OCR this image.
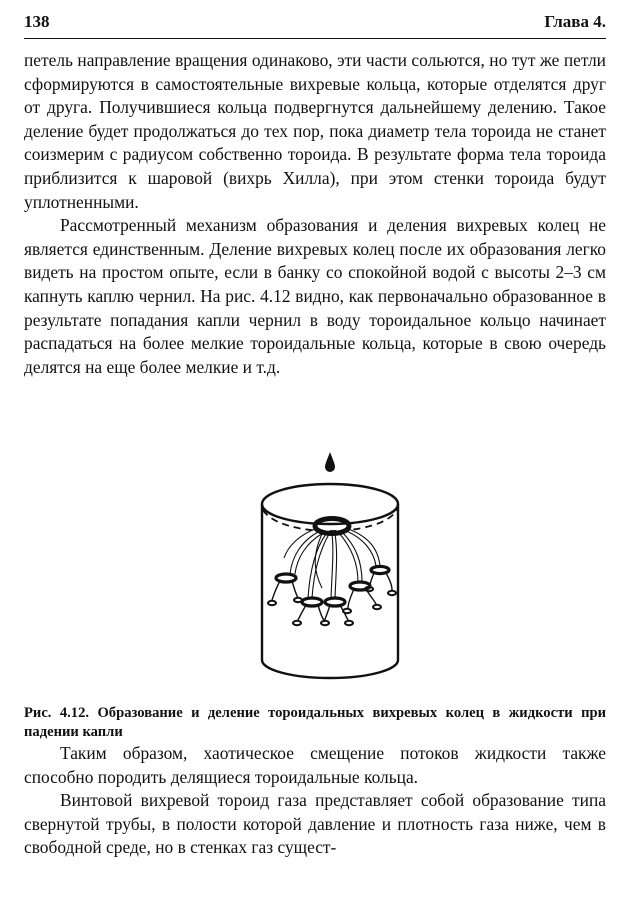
138	Глава 4.

петель направление вращения одинаково, эти части сольются, но тут же петли сформируются в самостоятельные вихревые кольца, которые отделятся друг от друга. Получившиеся кольца подвергнутся дальнейшему делению. Такое деление будет продолжаться до тех пор, пока диаметр тела тороида не станет соизмерим с радиусом собственно тороида. В результате форма тела тороида приблизится к шаровой (вихрь Хилла), при этом стенки тороида будут уплотненными.

Рассмотренный механизм образования и деления вихревых колец не является единственным. Деление вихревых колец после их образования легко видеть на простом опыте, если в банку со спокойной водой с высоты 2–3 см капнуть каплю чернил. На рис. 4.12 видно, как первоначально образованное в результате попадания капли чернил в воду тороидальное кольцо начинает распадаться на более мелкие тороидальные кольца, которые в свою очередь делятся на еще более мелкие и т.д.

Рис. 4.12. Образование и деление тороидальных вихревых колец в жидкости при падении капли

Таким образом, хаотическое смещение потоков жидкости также способно породить делящиеся тороидальные кольца.

Винтовой вихревой тороид газа представляет собой образование типа свернутой трубы, в полости которой давление и плотность газа ниже, чем в свободной среде, но в стенках газ сущест-
